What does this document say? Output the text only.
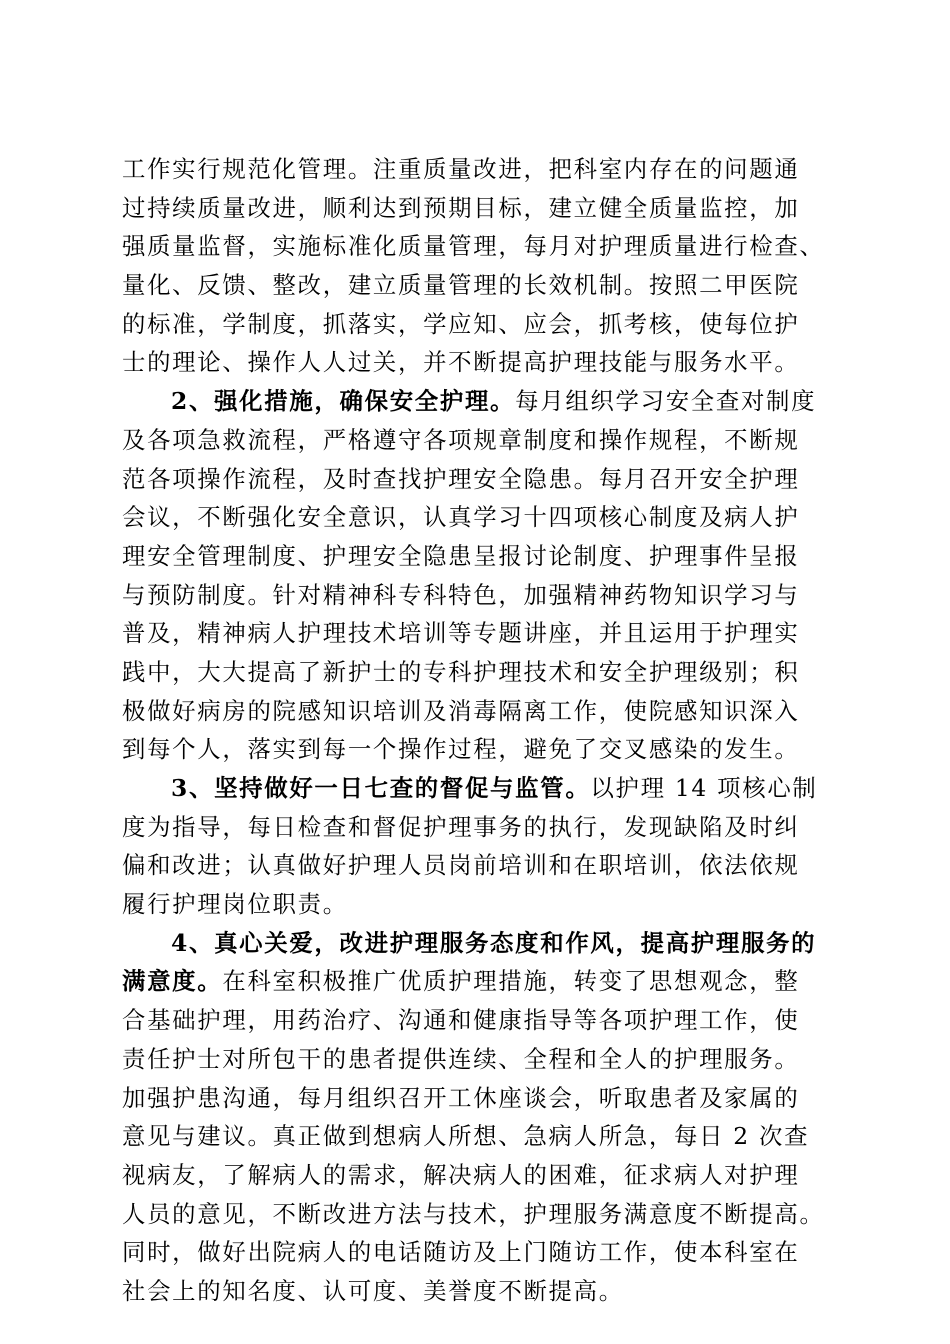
工作实行规范化管理。注重质量改进，把科室内存在的问题通
过持续质量改进，顺利达到预期目标，建立健全质量监控，加
强质量监督，实施标准化质量管理，每月对护理质量进行检查、
量化、反馈、整改，建立质量管理的长效机制。按照二甲医院
的标准，学制度，抓落实，学应知、应会，抓考核，使每位护
士的理论、操作人人过关，并不断提高护理技能与服务水平。
2、强化措施，确保安全护理。每月组织学习安全查对制度
及各项急救流程，严格遵守各项规章制度和操作规程，不断规
范各项操作流程，及时查找护理安全隐患。每月召开安全护理
会议，不断强化安全意识，认真学习十四项核心制度及病人护
理安全管理制度、护理安全隐患呈报讨论制度、护理事件呈报
与预防制度。针对精神科专科特色，加强精神药物知识学习与
普及，精神病人护理技术培训等专题讲座，并且运用于护理实
践中，大大提高了新护士的专科护理技术和安全护理级别；积
极做好病房的院感知识培训及消毒隔离工作，使院感知识深入
到每个人，落实到每一个操作过程，避免了交叉感染的发生。
3、坚持做好一日七查的督促与监管。以护理 14 项核心制
度为指导，每日检查和督促护理事务的执行，发现缺陷及时纠
偏和改进；认真做好护理人员岗前培训和在职培训，依法依规
履行护理岗位职责。
4、真心关爱，改进护理服务态度和作风，提高护理服务的
满意度。在科室积极推广优质护理措施，转变了思想观念，整
合基础护理，用药治疗、沟通和健康指导等各项护理工作，使
责任护士对所包干的患者提供连续、全程和全人的护理服务。
加强护患沟通，每月组织召开工休座谈会，听取患者及家属的
意见与建议。真正做到想病人所想、急病人所急，每日 2 次查
视病友，了解病人的需求，解决病人的困难，征求病人对护理
人员的意见，不断改进方法与技术，护理服务满意度不断提高。
同时，做好出院病人的电话随访及上门随访工作，使本科室在
社会上的知名度、认可度、美誉度不断提高。
